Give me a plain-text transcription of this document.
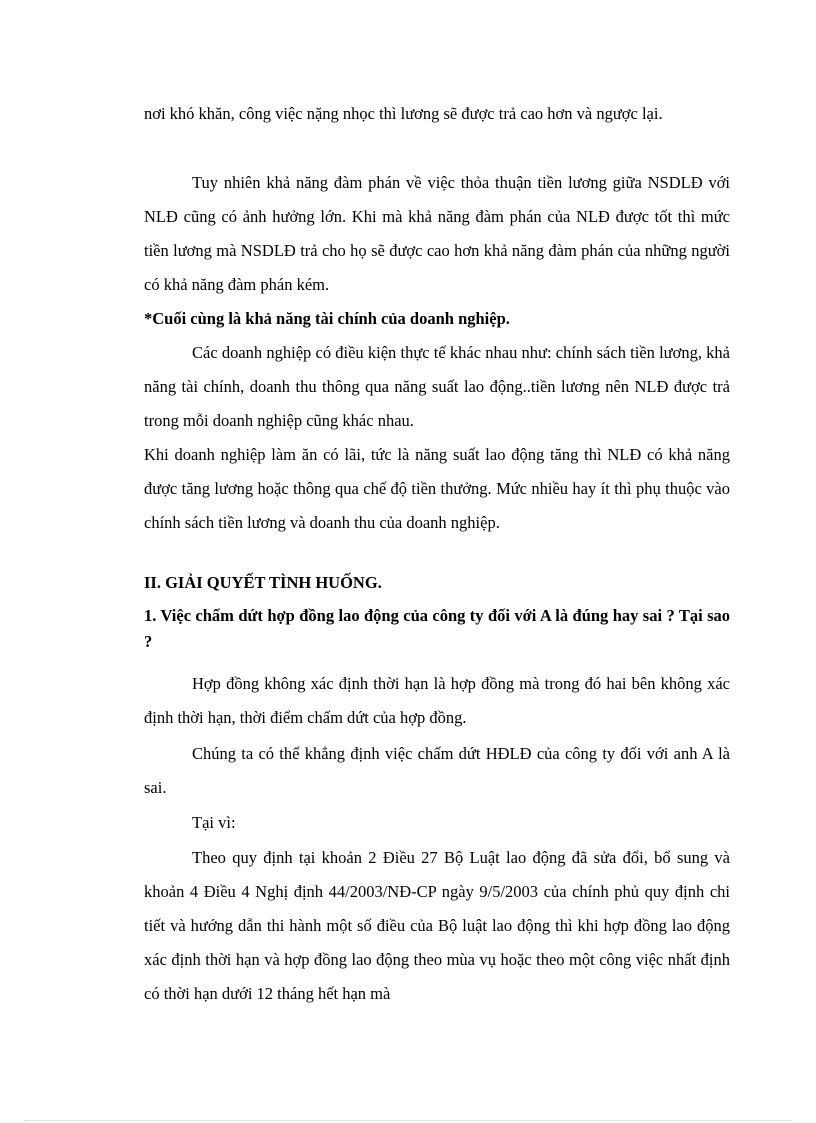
nơi khó khăn, công việc nặng nhọc thì lương sẽ được trả cao hơn và ngược lại.

Tuy nhiên khả năng đàm phán về việc thỏa thuận tiền lương giữa NSDLĐ với NLĐ cũng có ảnh hưởng lớn. Khi mà khả năng đàm phán của NLĐ được tốt thì mức tiền lương mà NSDLĐ trả cho họ sẽ được cao hơn khả năng đàm phán của những người có khả năng đàm phán kém.

*Cuối cùng là khả năng tài chính của doanh nghiệp.

Các doanh nghiệp có điều kiện thực tế khác nhau như: chính sách tiền lương, khả năng tài chính, doanh thu thông qua năng suất lao động..tiền lương nên NLĐ được trả trong mỗi doanh nghiệp cũng khác nhau.

Khi doanh nghiệp làm ăn có lãi, tức là năng suất lao động tăng thì NLĐ có khả năng được tăng lương hoặc thông qua chế độ tiền thưởng. Mức nhiều hay ít thì phụ thuộc vào chính sách tiền lương và doanh thu của doanh nghiệp.

II. GIẢI QUYẾT TÌNH HUỐNG.

1. Việc chấm dứt hợp đồng lao động của công ty đối với A là đúng hay sai ? Tại sao ?

Hợp đồng không xác định thời hạn là hợp đồng mà trong đó hai bên không xác định thời hạn, thời điểm chấm dứt của hợp đồng.

Chúng ta có thể khẳng định việc chấm dứt HĐLĐ của công ty đối với anh A là sai.

Tại vì:

Theo quy định tại khoản 2 Điều 27 Bộ Luật lao động đã sửa đổi, bổ sung và khoản 4 Điều 4 Nghị định 44/2003/NĐ-CP ngày 9/5/2003 của chính phủ quy định chi tiết và hướng dẫn thi hành một số điều của Bộ luật lao động thì khi hợp đồng lao động xác định thời hạn và hợp đồng lao động theo mùa vụ hoặc theo một công việc nhất định có thời hạn dưới 12 tháng hết hạn mà
